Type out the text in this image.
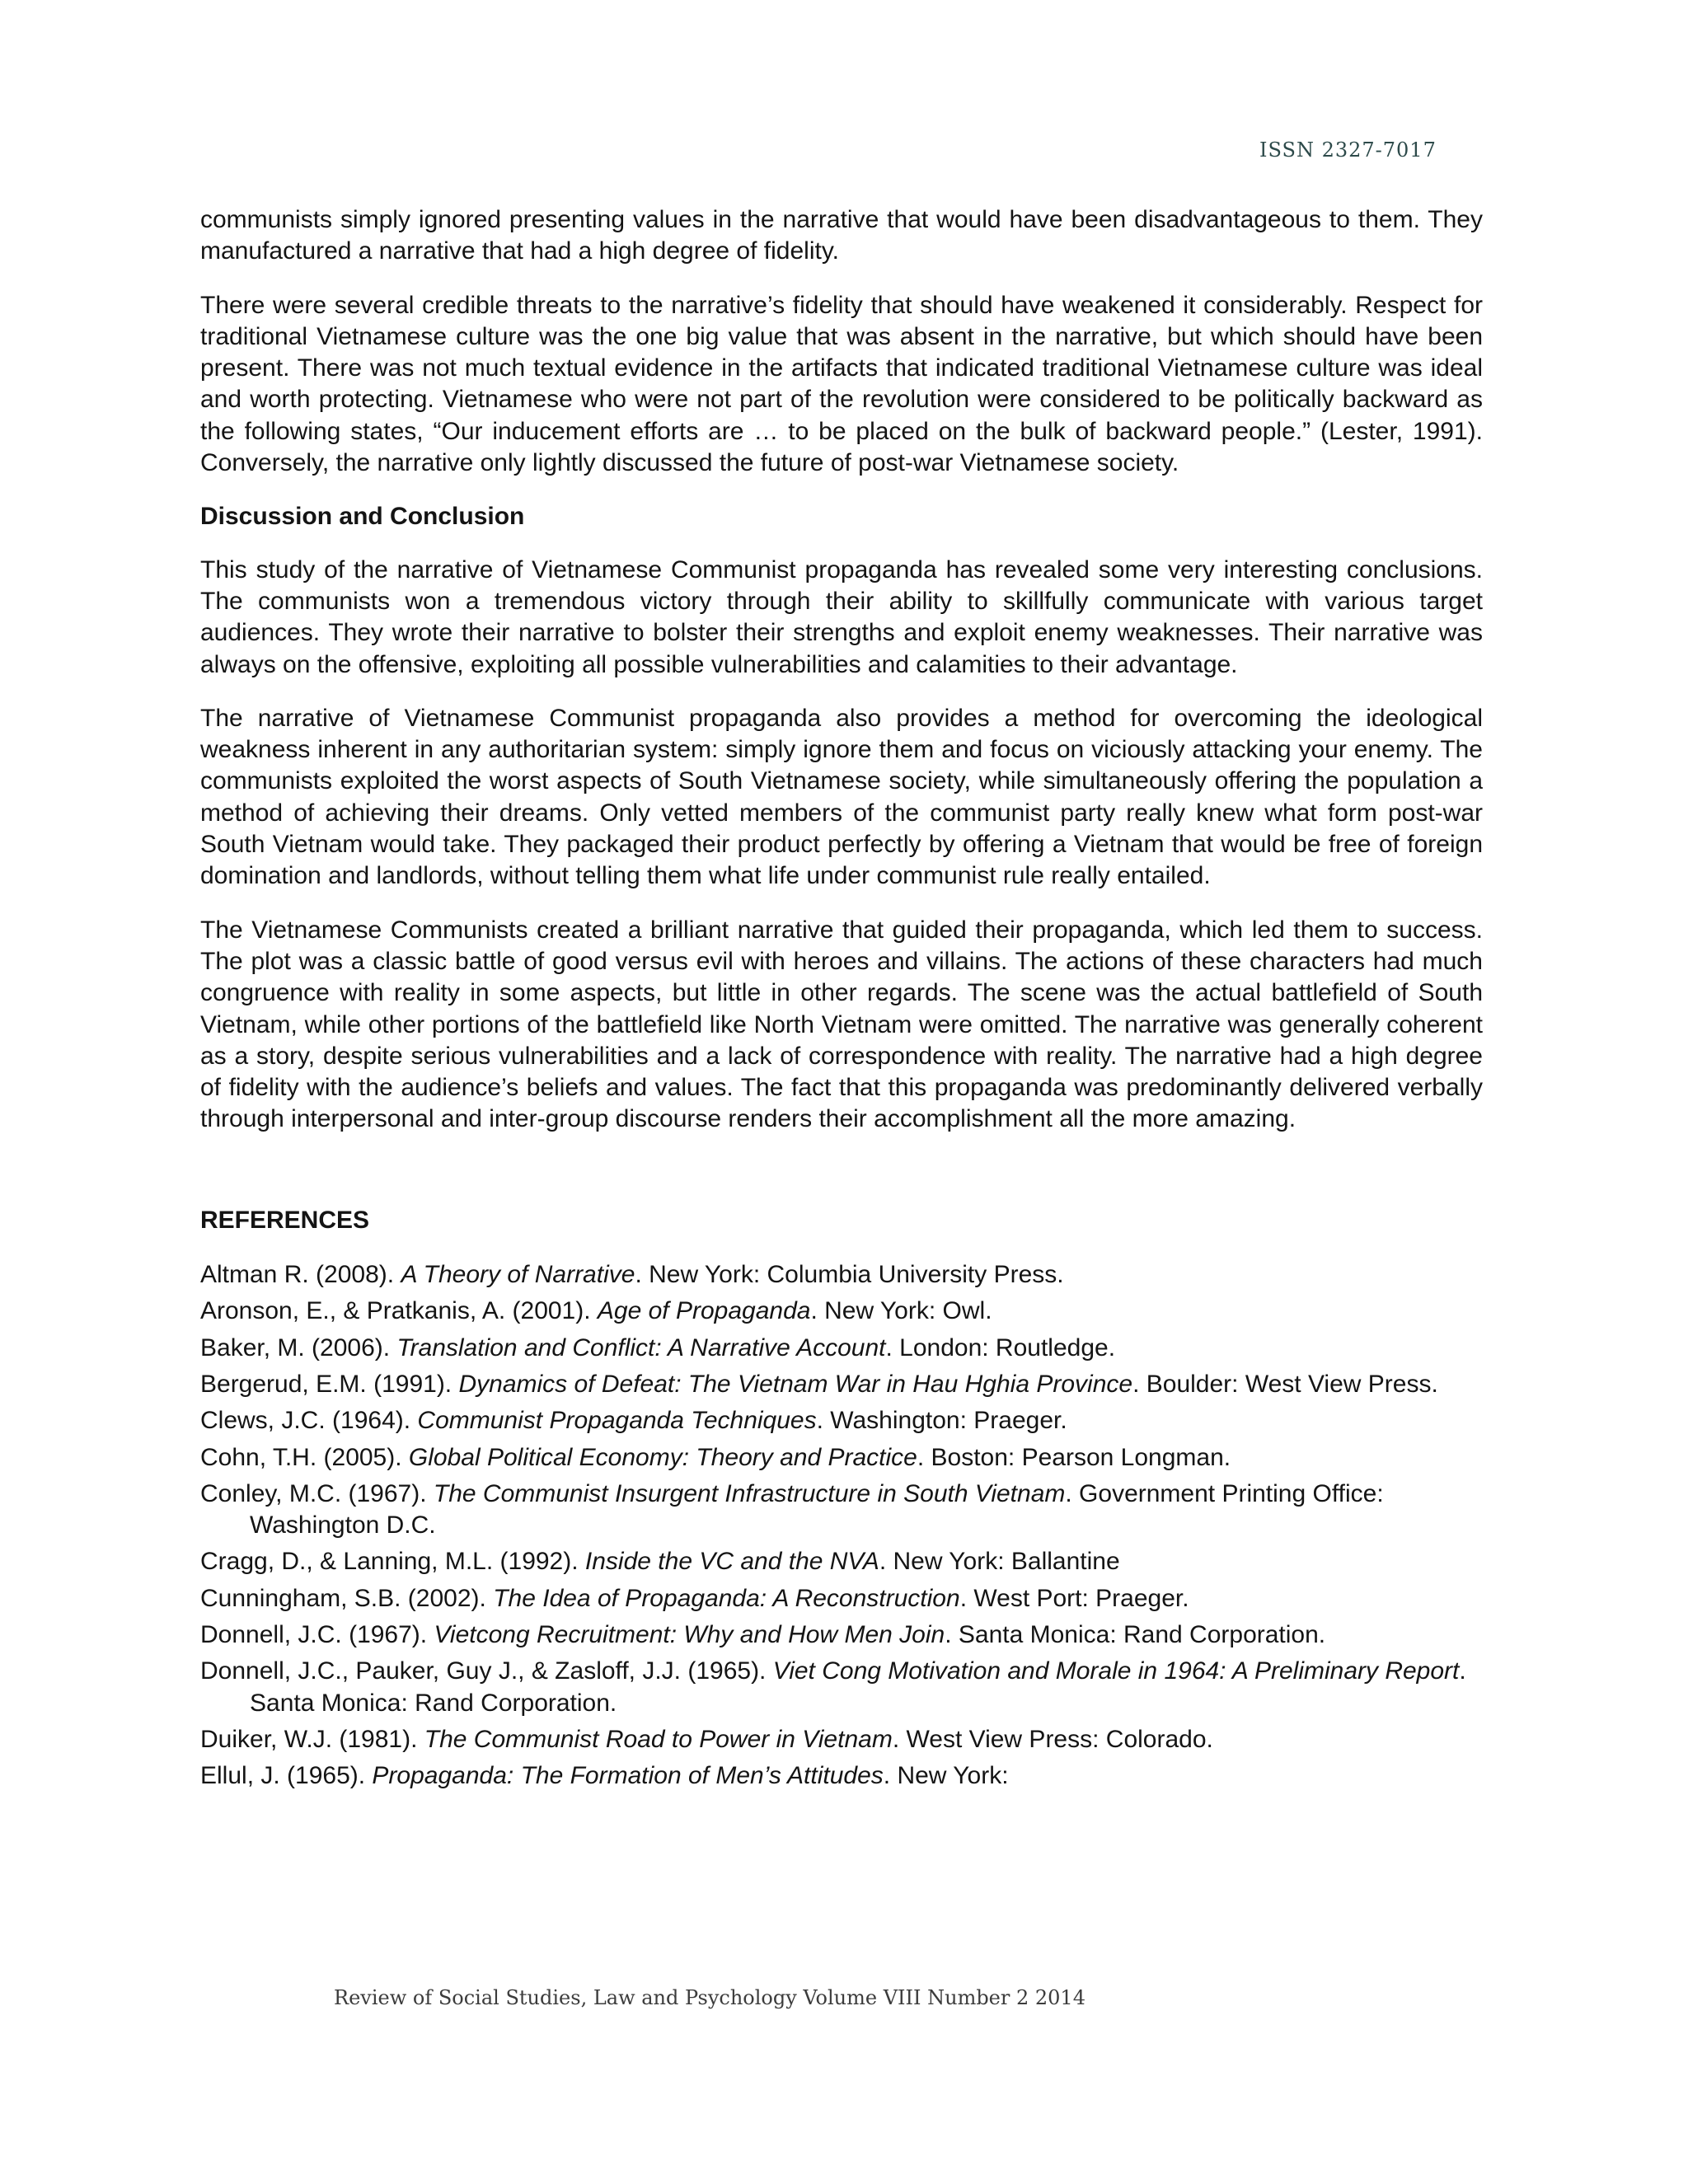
ISSN 2327-7017

communists simply ignored presenting values in the narrative that would have been disadvantageous to them. They manufactured a narrative that had a high degree of fidelity.

There were several credible threats to the narrative’s fidelity that should have weakened it considerably. Respect for traditional Vietnamese culture was the one big value that was absent in the narrative, but which should have been present. There was not much textual evidence in the artifacts that indicated traditional Vietnamese culture was ideal and worth protecting. Vietnamese who were not part of the revolution were considered to be politically backward as the following states, “Our inducement efforts are … to be placed on the bulk of backward people.” (Lester, 1991). Conversely, the narrative only lightly discussed the future of post-war Vietnamese society.

Discussion and Conclusion

This study of the narrative of Vietnamese Communist propaganda has revealed some very interesting conclusions. The communists won a tremendous victory through their ability to skillfully communicate with various target audiences. They wrote their narrative to bolster their strengths and exploit enemy weaknesses. Their narrative was always on the offensive, exploiting all possible vulnerabilities and calamities to their advantage.

The narrative of Vietnamese Communist propaganda also provides a method for overcoming the ideological weakness inherent in any authoritarian system: simply ignore them and focus on viciously attacking your enemy. The communists exploited the worst aspects of South Vietnamese society, while simultaneously offering the population a method of achieving their dreams. Only vetted members of the communist party really knew what form post-war South Vietnam would take. They packaged their product perfectly by offering a Vietnam that would be free of foreign domination and landlords, without telling them what life under communist rule really entailed.

The Vietnamese Communists created a brilliant narrative that guided their propaganda, which led them to success. The plot was a classic battle of good versus evil with heroes and villains. The actions of these characters had much congruence with reality in some aspects, but little in other regards. The scene was the actual battlefield of South Vietnam, while other portions of the battlefield like North Vietnam were omitted. The narrative was generally coherent as a story, despite serious vulnerabilities and a lack of correspondence with reality. The narrative had a high degree of fidelity with the audience’s beliefs and values. The fact that this propaganda was predominantly delivered verbally through interpersonal and inter-group discourse renders their accomplishment all the more amazing.

REFERENCES

Altman R. (2008). A Theory of Narrative. New York: Columbia University Press.

Aronson, E., & Pratkanis, A. (2001). Age of Propaganda. New York: Owl.

Baker, M. (2006). Translation and Conflict: A Narrative Account. London: Routledge.

Bergerud, E.M. (1991). Dynamics of Defeat: The Vietnam War in Hau Hghia Province. Boulder: West View Press.

Clews, J.C. (1964). Communist Propaganda Techniques. Washington: Praeger.

Cohn, T.H. (2005). Global Political Economy: Theory and Practice. Boston: Pearson Longman.

Conley, M.C. (1967). The Communist Insurgent Infrastructure in South Vietnam. Government Printing Office: Washington D.C.

Cragg, D., & Lanning, M.L. (1992). Inside the VC and the NVA. New York: Ballantine

Cunningham, S.B. (2002). The Idea of Propaganda: A Reconstruction. West Port: Praeger.

Donnell, J.C. (1967). Vietcong Recruitment: Why and How Men Join. Santa Monica: Rand Corporation.

Donnell, J.C., Pauker, Guy J., & Zasloff, J.J. (1965). Viet Cong Motivation and Morale in 1964: A Preliminary Report. Santa Monica: Rand Corporation.

Duiker, W.J. (1981). The Communist Road to Power in Vietnam. West View Press: Colorado.

Ellul, J. (1965). Propaganda: The Formation of Men’s Attitudes. New York:

Review of Social Studies, Law and Psychology Volume VIII Number 2 2014
